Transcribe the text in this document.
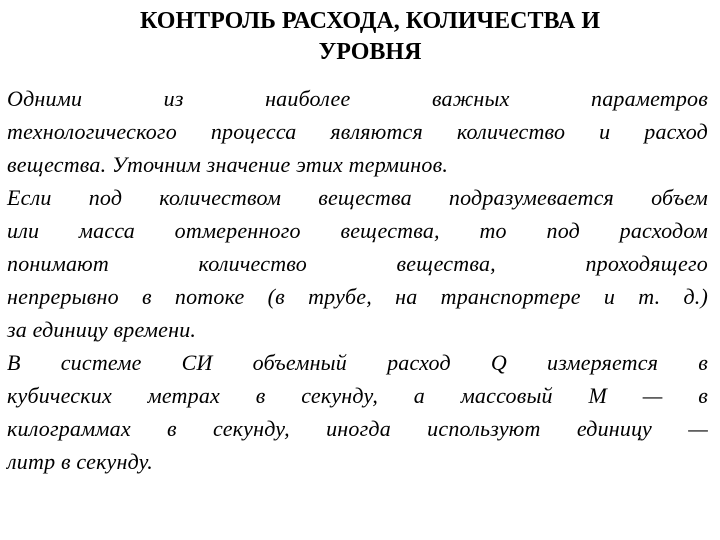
КОНТРОЛЬ РАСХОДА, КОЛИЧЕСТВА И
УРОВНЯ
Одними из наиболее важных параметров
технологического процесса являются количество и расход
вещества. Уточним значение этих терминов.
Если под количеством вещества подразумевается объем
или масса отмеренного вещества, то под расходом
понимают количество вещества, проходящего
непрерывно в потоке (в трубе, на транспортере и т. д.)
за единицу времени.
В системе СИ объемный расход Q измеряется в
кубических метрах в секунду, а массовый М — в
килограммах в секунду, иногда используют единицу —
литр в секунду.
